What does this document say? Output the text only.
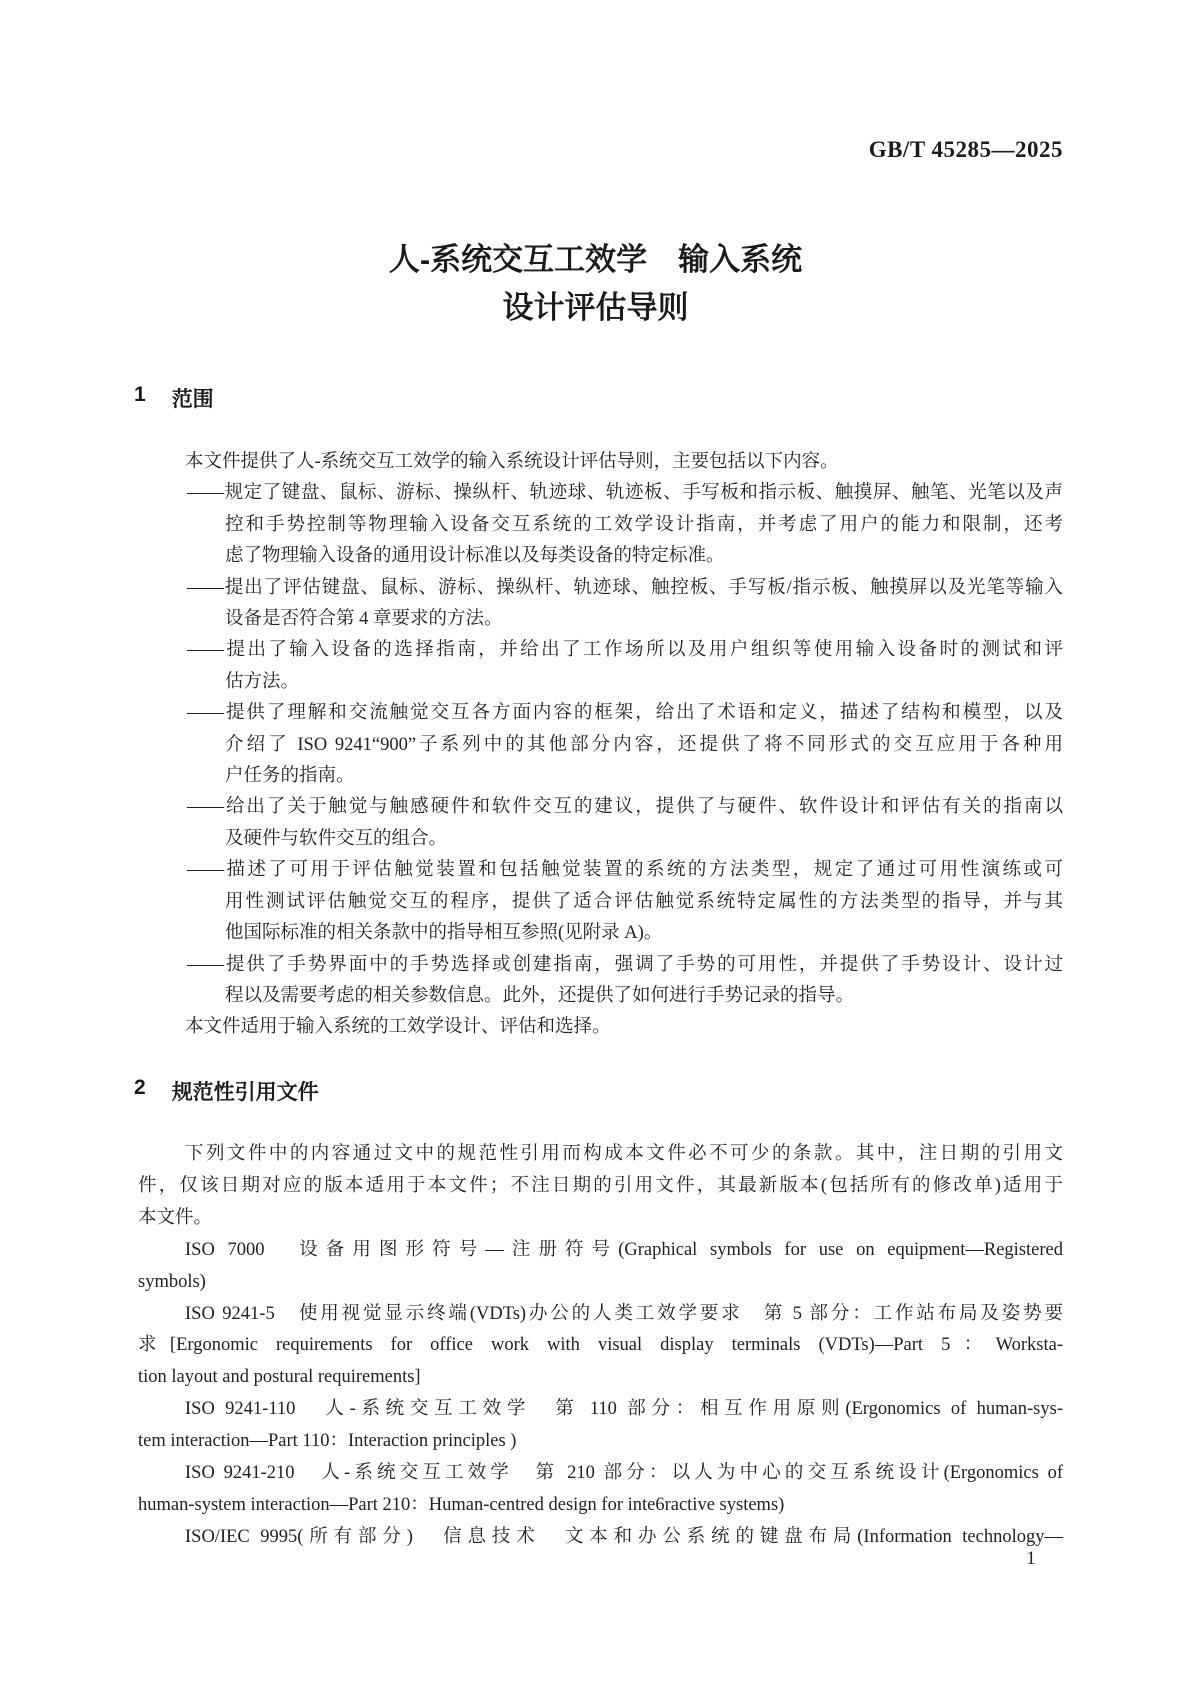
GB/T 45285—2025
人-系统交互工效学　输入系统
设计评估导则
1 范围
本文件提供了人-系统交互工效学的输入系统设计评估导则，主要包括以下内容。
——规定了键盘、鼠标、游标、操纵杆、轨迹球、轨迹板、手写板和指示板、触摸屏、触笔、光笔以及声
控和手势控制等物理输入设备交互系统的工效学设计指南，并考虑了用户的能力和限制，还考
虑了物理输入设备的通用设计标准以及每类设备的特定标准。
——提出了评估键盘、鼠标、游标、操纵杆、轨迹球、触控板、手写板/指示板、触摸屏以及光笔等输入
设备是否符合第 4 章要求的方法。
——提出了输入设备的选择指南，并给出了工作场所以及用户组织等使用输入设备时的测试和评
估方法。
——提供了理解和交流触觉交互各方面内容的框架，给出了术语和定义，描述了结构和模型，以及
介绍了 ISO 9241“900”子系列中的其他部分内容，还提供了将不同形式的交互应用于各种用
户任务的指南。
——给出了关于触觉与触感硬件和软件交互的建议，提供了与硬件、软件设计和评估有关的指南以
及硬件与软件交互的组合。
——描述了可用于评估触觉装置和包括触觉装置的系统的方法类型，规定了通过可用性演练或可
用性测试评估触觉交互的程序，提供了适合评估触觉系统特定属性的方法类型的指导，并与其
他国际标准的相关条款中的指导相互参照(见附录 A)。
——提供了手势界面中的手势选择或创建指南，强调了手势的可用性，并提供了手势设计、设计过
程以及需要考虑的相关参数信息。此外，还提供了如何进行手势记录的指导。
本文件适用于输入系统的工效学设计、评估和选择。
2 规范性引用文件
下列文件中的内容通过文中的规范性引用而构成本文件必不可少的条款。其中，注日期的引用文
件，仅该日期对应的版本适用于本文件；不注日期的引用文件，其最新版本(包括所有的修改单)适用于
本文件。
ISO 7000　设备用图形符号—注册符号(Graphical symbols for use on equipment—Registered
symbols)
ISO 9241-5　使用视觉显示终端(VDTs)办公的人类工效学要求　第 5 部分：工作站布局及姿势要
求[Ergonomic requirements for office work with visual display terminals (VDTs)—Part 5：Worksta-
tion layout and postural requirements]
ISO 9241-110　人-系统交互工效学　第 110 部分：相互作用原则(Ergonomics of human-sys-
tem interaction—Part 110：Interaction principles )
ISO 9241-210　人-系统交互工效学　第 210 部分：以人为中心的交互系统设计(Ergonomics of
human-system interaction—Part 210：Human-centred design for inte6ractive systems)
ISO/IEC 9995(所有部分)　信息技术　文本和办公系统的键盘布局(Information technology—
1
